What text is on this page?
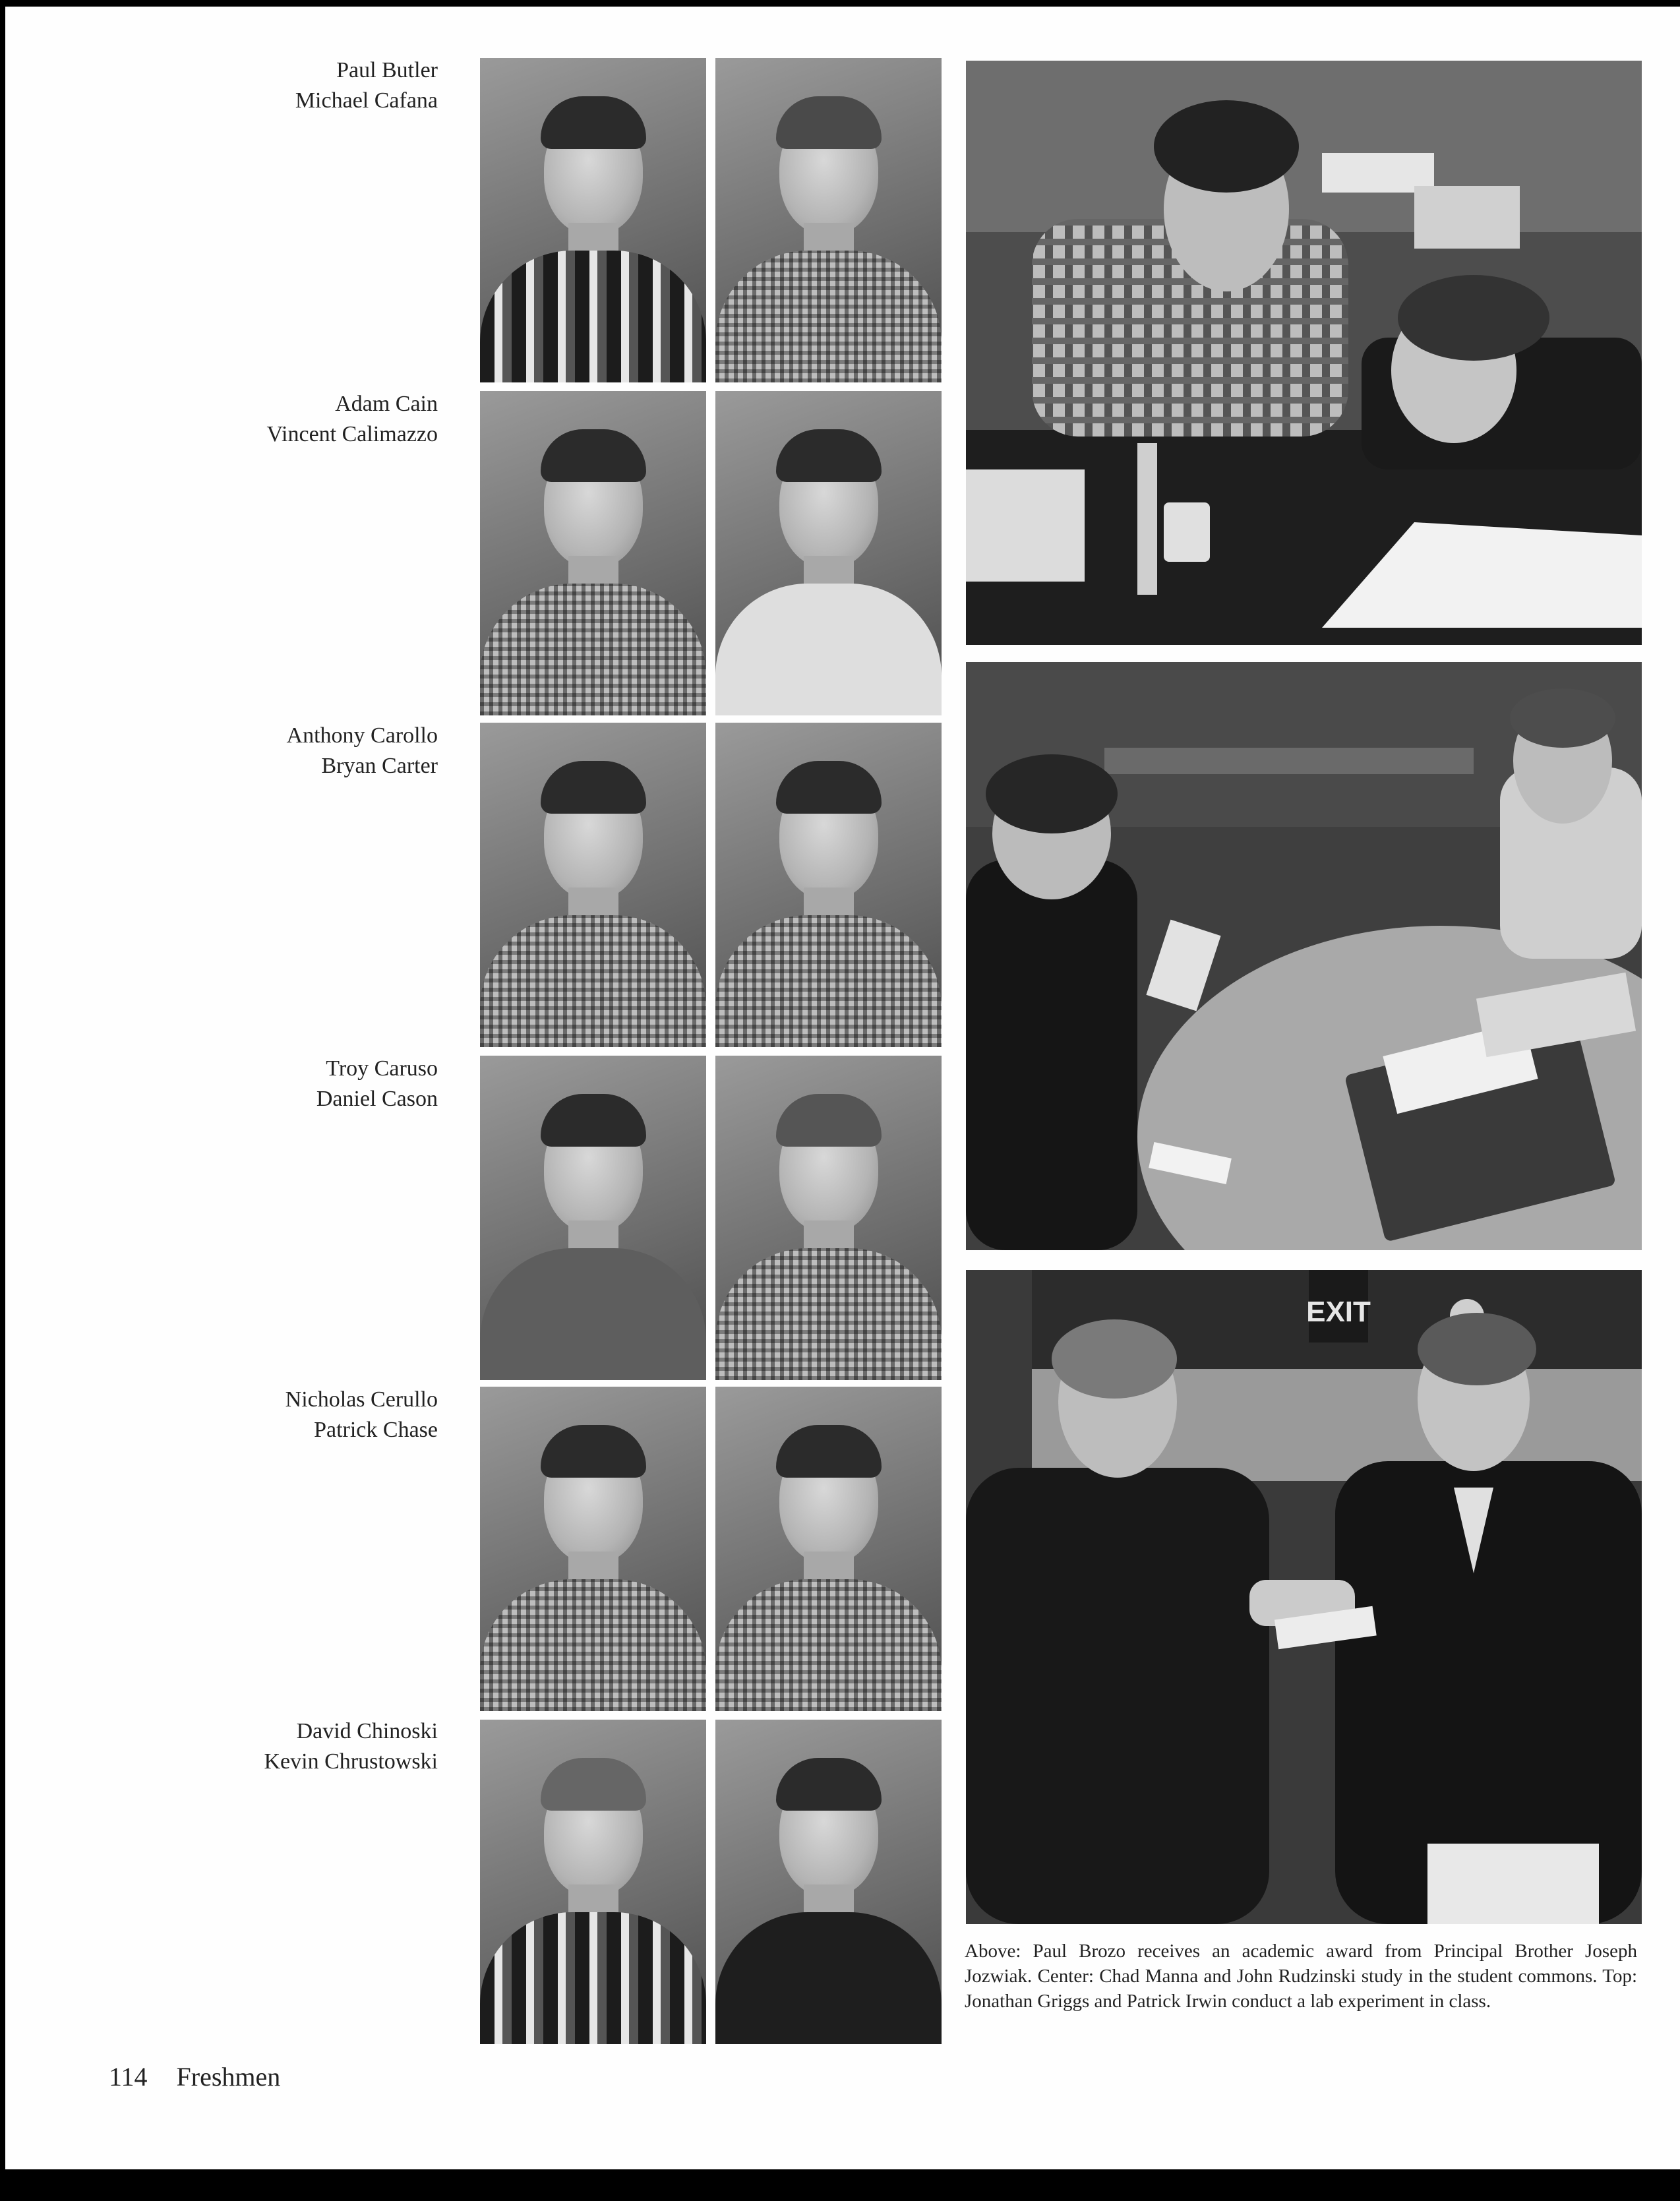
Paul Butler
Michael Cafana
Adam Cain
Vincent Calimazzo
Anthony Carollo
Bryan Carter
Troy Caruso
Daniel Cason
Nicholas Cerullo
Patrick Chase
David Chinoski
Kevin Chrustowski
EXIT
Above: Paul Brozo receives an academic award from Principal Brother Joseph Jozwiak. Center: Chad Manna and John Rudzinski study in the student commons. Top: Jonathan Griggs and Patrick Irwin conduct a lab experiment in class.
114 Freshmen
